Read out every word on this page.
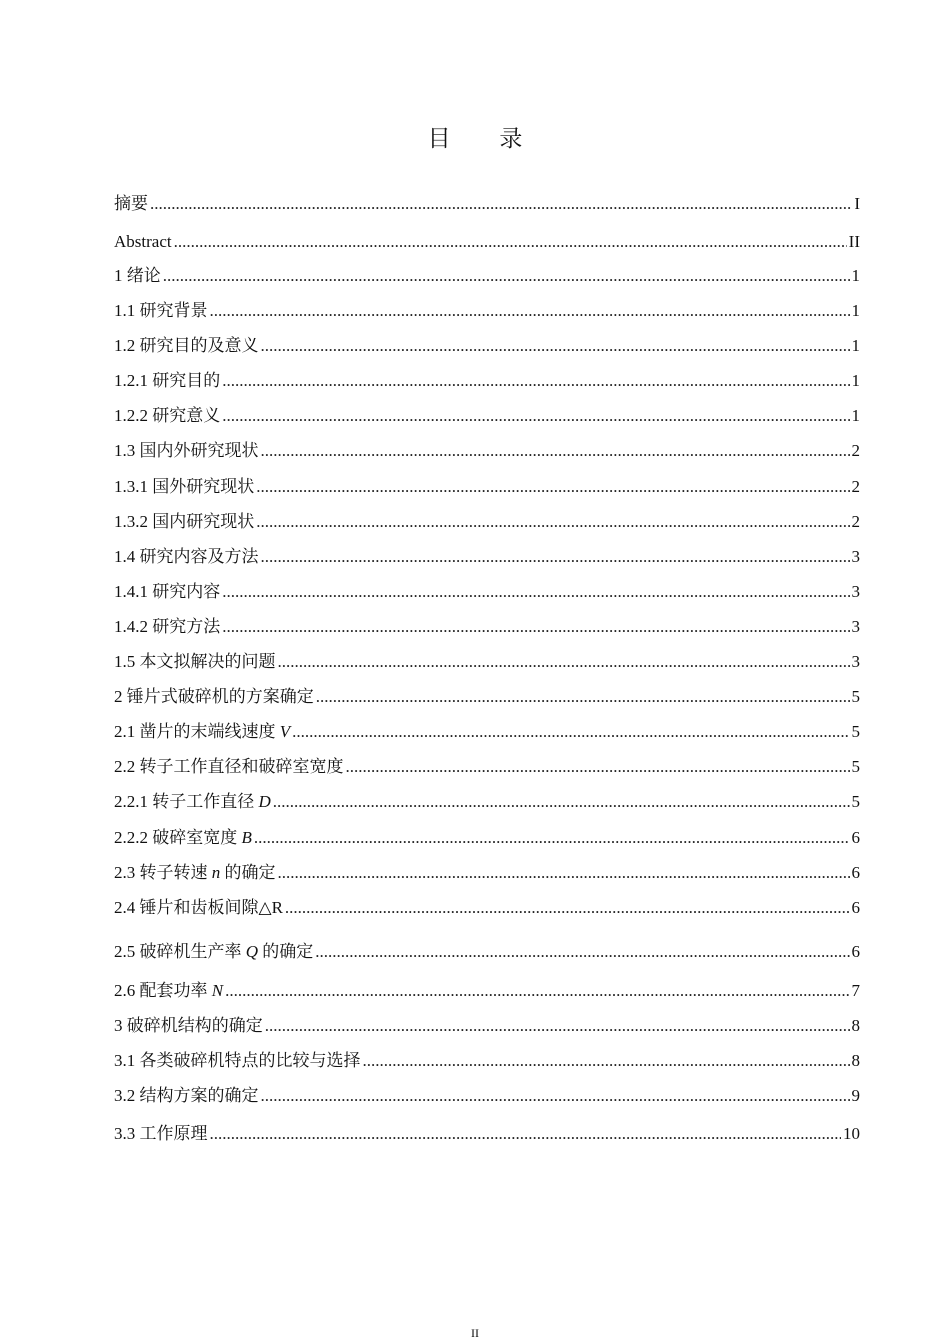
目 录
摘要 .....	I
Abstract .....	II
1 绪论 .....	1
1.1 研究背景 .....	1
1.2 研究目的及意义 .....	1
1.2.1 研究目的 .....	1
1.2.2 研究意义 .....	1
1.3 国内外研究现状 .....	2
1.3.1 国外研究现状 .....	2
1.3.2 国内研究现状 .....	2
1.4 研究内容及方法 .....	3
1.4.1 研究内容 .....	3
1.4.2 研究方法 .....	3
1.5 本文拟解决的问题 .....	3
2 锤片式破碎机的方案确定 .....	5
2.1 凿片的末端线速度 V .....	5
2.2 转子工作直径和破碎室宽度 .....	5
2.2.1 转子工作直径 D .....	5
2.2.2 破碎室宽度 B .....	6
2.3 转子转速 n 的确定 .....	6
2.4 锤片和齿板间隙△R .....	6
2.5 破碎机生产率 Q 的确定 .....	6
2.6 配套功率 N .....	7
3 破碎机结构的确定 .....	8
3.1 各类破碎机特点的比较与选择 .....	8
3.2 结构方案的确定 .....	9
3.3 工作原理 .....	10
II
